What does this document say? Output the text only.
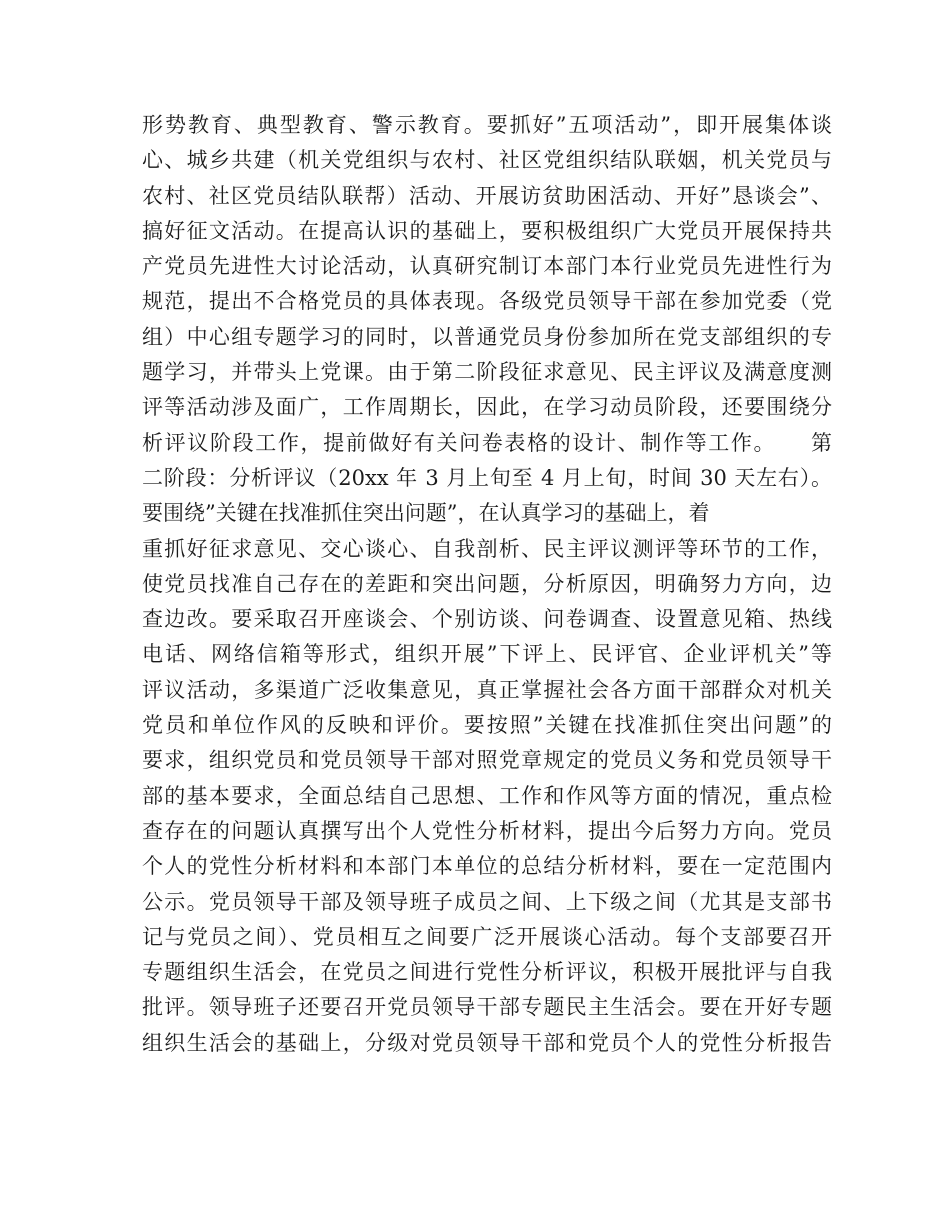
形势教育、典型教育、警示教育。要抓好”五项活动”，即开展集体谈
心、城乡共建（机关党组织与农村、社区党组织结队联姻，机关党员与
农村、社区党员结队联帮）活动、开展访贫助困活动、开好”恳谈会”、
搞好征文活动。在提高认识的基础上，要积极组织广大党员开展保持共
产党员先进性大讨论活动，认真研究制订本部门本行业党员先进性行为
规范，提出不合格党员的具体表现。各级党员领导干部在参加党委（党
组）中心组专题学习的同时，以普通党员身份参加所在党支部组织的专
题学习，并带头上党课。由于第二阶段征求意见、民主评议及满意度测
评等活动涉及面广，工作周期长，因此，在学习动员阶段，还要围绕分
析评议阶段工作，提前做好有关问卷表格的设计、制作等工作。　　第
二阶段：分析评议（20xx 年 3 月上旬至 4 月上旬，时间 30 天左右）。
要围绕”关键在找准抓住突出问题”，在认真学习的基础上，着
重抓好征求意见、交心谈心、自我剖析、民主评议测评等环节的工作，
使党员找准自己存在的差距和突出问题，分析原因，明确努力方向，边
查边改。要采取召开座谈会、个别访谈、问卷调查、设置意见箱、热线
电话、网络信箱等形式，组织开展”下评上、民评官、企业评机关”等
评议活动，多渠道广泛收集意见，真正掌握社会各方面干部群众对机关
党员和单位作风的反映和评价。要按照”关键在找准抓住突出问题”的
要求，组织党员和党员领导干部对照党章规定的党员义务和党员领导干
部的基本要求，全面总结自己思想、工作和作风等方面的情况，重点检
查存在的问题认真撰写出个人党性分析材料，提出今后努力方向。党员
个人的党性分析材料和本部门本单位的总结分析材料，要在一定范围内
公示。党员领导干部及领导班子成员之间、上下级之间（尤其是支部书
记与党员之间）、党员相互之间要广泛开展谈心活动。每个支部要召开
专题组织生活会，在党员之间进行党性分析评议，积极开展批评与自我
批评。领导班子还要召开党员领导干部专题民主生活会。要在开好专题
组织生活会的基础上，分级对党员领导干部和党员个人的党性分析报告
